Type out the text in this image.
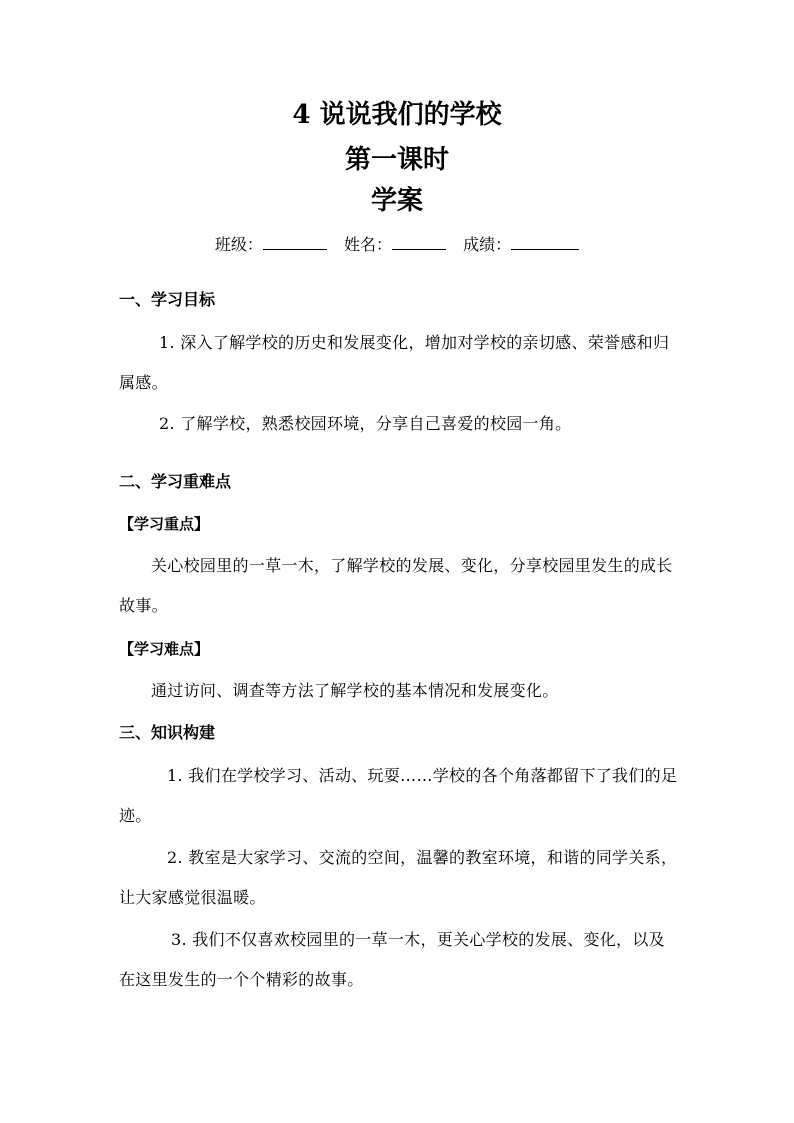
4 说说我们的学校
第一课时
学案
班级：	姓名：	成绩：
一、学习目标

1. 深入了解学校的历史和发展变化，增加对学校的亲切感、荣誉感和归属感。

2. 了解学校，熟悉校园环境，分享自己喜爱的校园一角。

二、学习重难点
【学习重点】

关心校园里的一草一木，了解学校的发展、变化，分享校园里发生的成长故事。

【学习难点】

通过访问、调查等方法了解学校的基本情况和发展变化。

三、知识构建

1. 我们在学校学习、活动、玩耍……学校的各个角落都留下了我们的足迹。

2. 教室是大家学习、交流的空间，温馨的教室环境，和谐的同学关系，让大家感觉很温暖。

3. 我们不仅喜欢校园里的一草一木，更关心学校的发展、变化，以及在这里发生的一个个精彩的故事。
